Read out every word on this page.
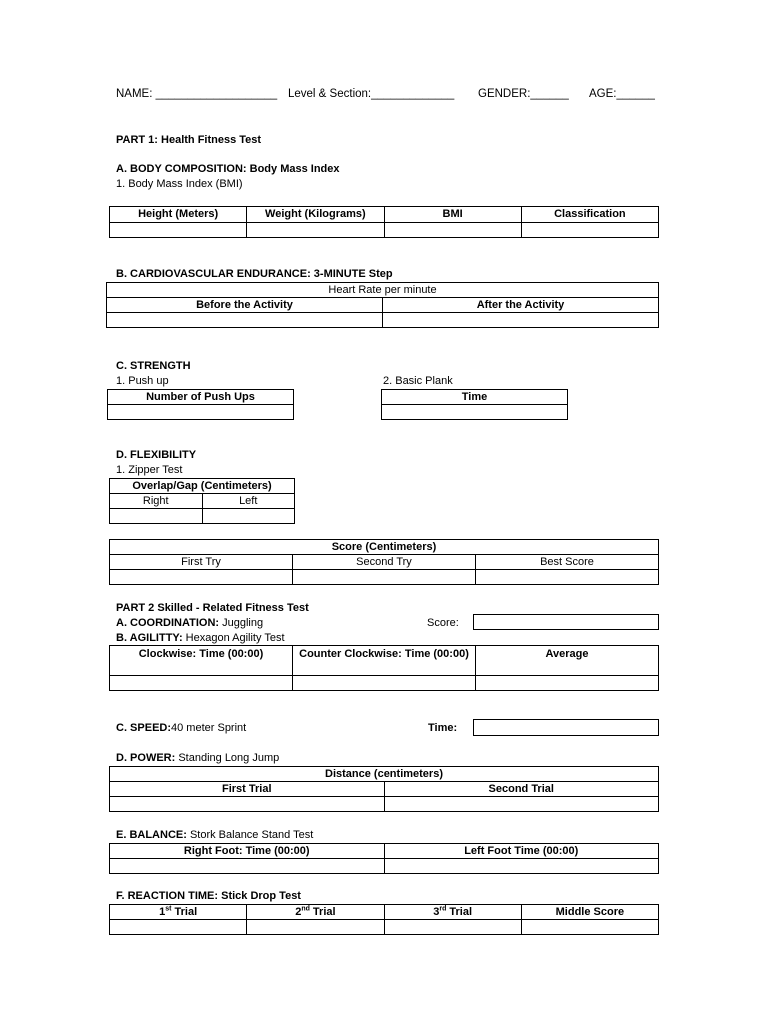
NAME: ___________________ Level & Section:_____________ GENDER:______ AGE:______
PART 1: Health Fitness Test
A. BODY COMPOSITION: Body Mass Index
1. Body Mass Index (BMI)
Height (Meters)	Weight (Kilograms)	BMI	Classification

B. CARDIOVASCULAR ENDURANCE: 3-MINUTE Step
Heart Rate per minute	
Before the Activity	After the Activity

C. STRENGTH
1. Push up	2. Basic Plank
Number of Push Ups	Time

D. FLEXIBILITY
1. Zipper Test
Overlap/Gap (Centimeters)	
Right	Left

Score (Centimeters)		
First Try	Second Try	Best Score

PART 2 Skilled - Related Fitness Test
A. COORDINATION: Juggling	Score:
B. AGILITTY: Hexagon Agility Test
Clockwise: Time (00:00)	Counter Clockwise: Time (00:00)	Average

C. SPEED:40 meter Sprint	Time:
D. POWER: Standing Long Jump
Distance (centimeters)	
First Trial	Second Trial

E. BALANCE: Stork Balance Stand Test
Right Foot: Time (00:00)	Left Foot Time (00:00)

F. REACTION TIME: Stick Drop Test
1st Trial	2nd Trial	3rd Trial	Middle Score
